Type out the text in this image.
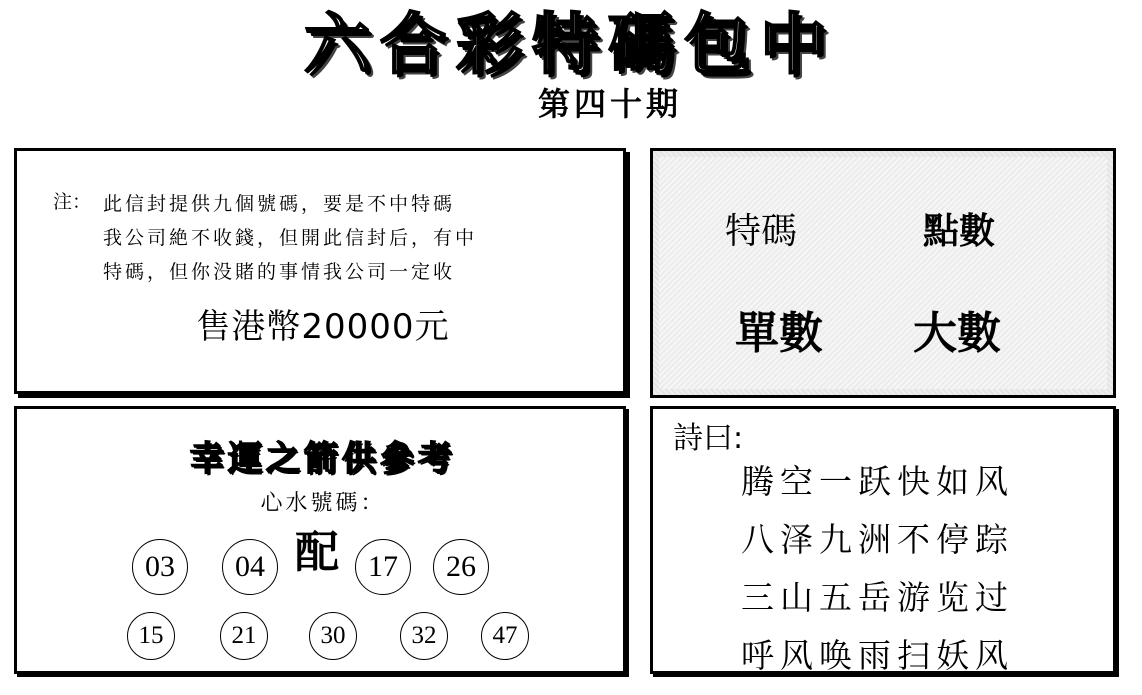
六合彩特碼包中
第四十期
注： 此信封提供九個號碼，要是不中特碼
我公司絶不收錢，但開此信封后，有中
特碼，但你没賭的事情我公司一定收
售港幣20000元
特碼	點數
單數 大數
幸運之箭供參考
心水號碼：
03	04 配 17	26
15	21	30	32	47
詩曰:
腾空一跃快如风
八泽九洲不停踪
三山五岳游览过
呼风唤雨扫妖风
